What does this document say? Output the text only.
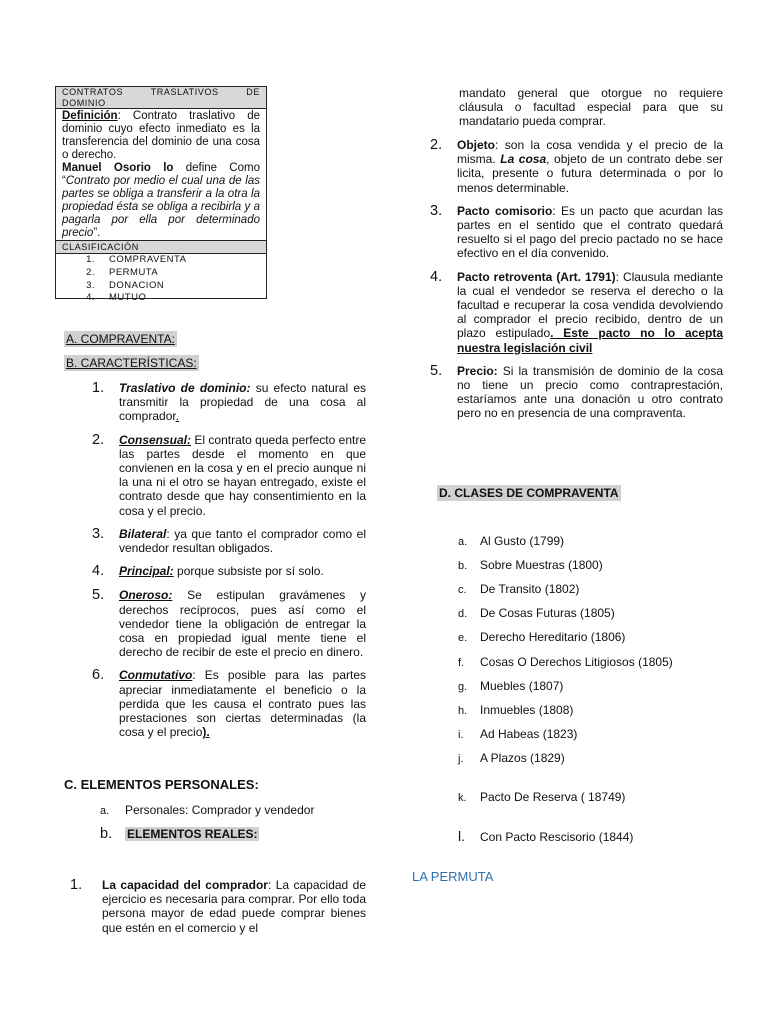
CONTRATOS	TRASLATIVOS	DE
DOMINIO
Definición: Contrato traslativo de dominio cuyo efecto inmediato es la transferencia del dominio de una cosa o derecho.
Manuel Osorio lo define Como “Contrato por medio el cual una de las partes se obliga a transferir a la otra la propiedad ésta se obliga a recibirla y a pagarla por ella por determinado precio”.
CLASIFICACIÓN
1.	COMPRAVENTA
2.	PERMUTA
3.	DONACION
4.	MUTUO
A. COMPRAVENTA:
B. CARACTERÍSTICAS:
1.	Traslativo de dominio: su efecto natural es transmitir la propiedad de una cosa al comprador.
2.	Consensual: El contrato queda perfecto entre las partes desde el momento en que convienen en la cosa y en el precio aunque ni la una ni el otro se hayan entregado, existe el contrato desde que hay consentimiento en la cosa y el precio.
3.	Bilateral: ya que tanto el comprador como el vendedor resultan obligados.
4.	Principal: porque subsiste por sí solo.
5.	Oneroso: Se estipulan gravámenes y derechos recíprocos, pues así como el vendedor tiene la obligación de entregar la cosa en propiedad igual mente tiene el derecho de recibir de este el precio en dinero.
6.	Conmutativo: Es posible para las partes apreciar inmediatamente el beneficio o la perdida que les causa el contrato pues las prestaciones son ciertas determinadas (la cosa y el precio).
C. ELEMENTOS PERSONALES:
a. Personales: Comprador y vendedor
b. ELEMENTOS REALES:
1.	La capacidad del comprador: La capacidad de ejercicio es necesaria para comprar. Por ello toda persona mayor de edad puede comprar bienes que estén en el comercio y el
mandato general que otorgue no requiere cláusula o facultad especial para que su mandatario pueda comprar.
2.	Objeto: son la cosa vendida y el precio de la misma. La cosa, objeto de un contrato debe ser licita, presente o futura determinada o por lo menos determinable.
3.	Pacto comisorio: Es un pacto que acurdan las partes en el sentido que el contrato quedará resuelto si el pago del precio pactado no se hace efectivo en el día convenido.
4.	Pacto retroventa (Art. 1791): Clausula mediante la cual el vendedor se reserva el derecho o la facultad e recuperar la cosa vendida devolviendo al comprador el precio recibido, dentro de un plazo estipulado. Este pacto no lo acepta nuestra legislación civil
5.	Precio: Si la transmisión de dominio de la cosa no tiene un precio como contraprestación, estaríamos ante una donación u otro contrato pero no en presencia de una compraventa.
D. CLASES DE COMPRAVENTA
a. Al Gusto (1799)
b. Sobre Muestras (1800)
c. De Transito (1802)
d. De Cosas Futuras (1805)
e. Derecho Hereditario (1806)
f. Cosas O Derechos Litigiosos (1805)
g. Muebles (1807)
h. Inmuebles (1808)
i. Ad Habeas (1823)
j. A Plazos (1829)
k. Pacto De Reserva ( 18749)
l. Con Pacto Rescisorio (1844)
LA PERMUTA
